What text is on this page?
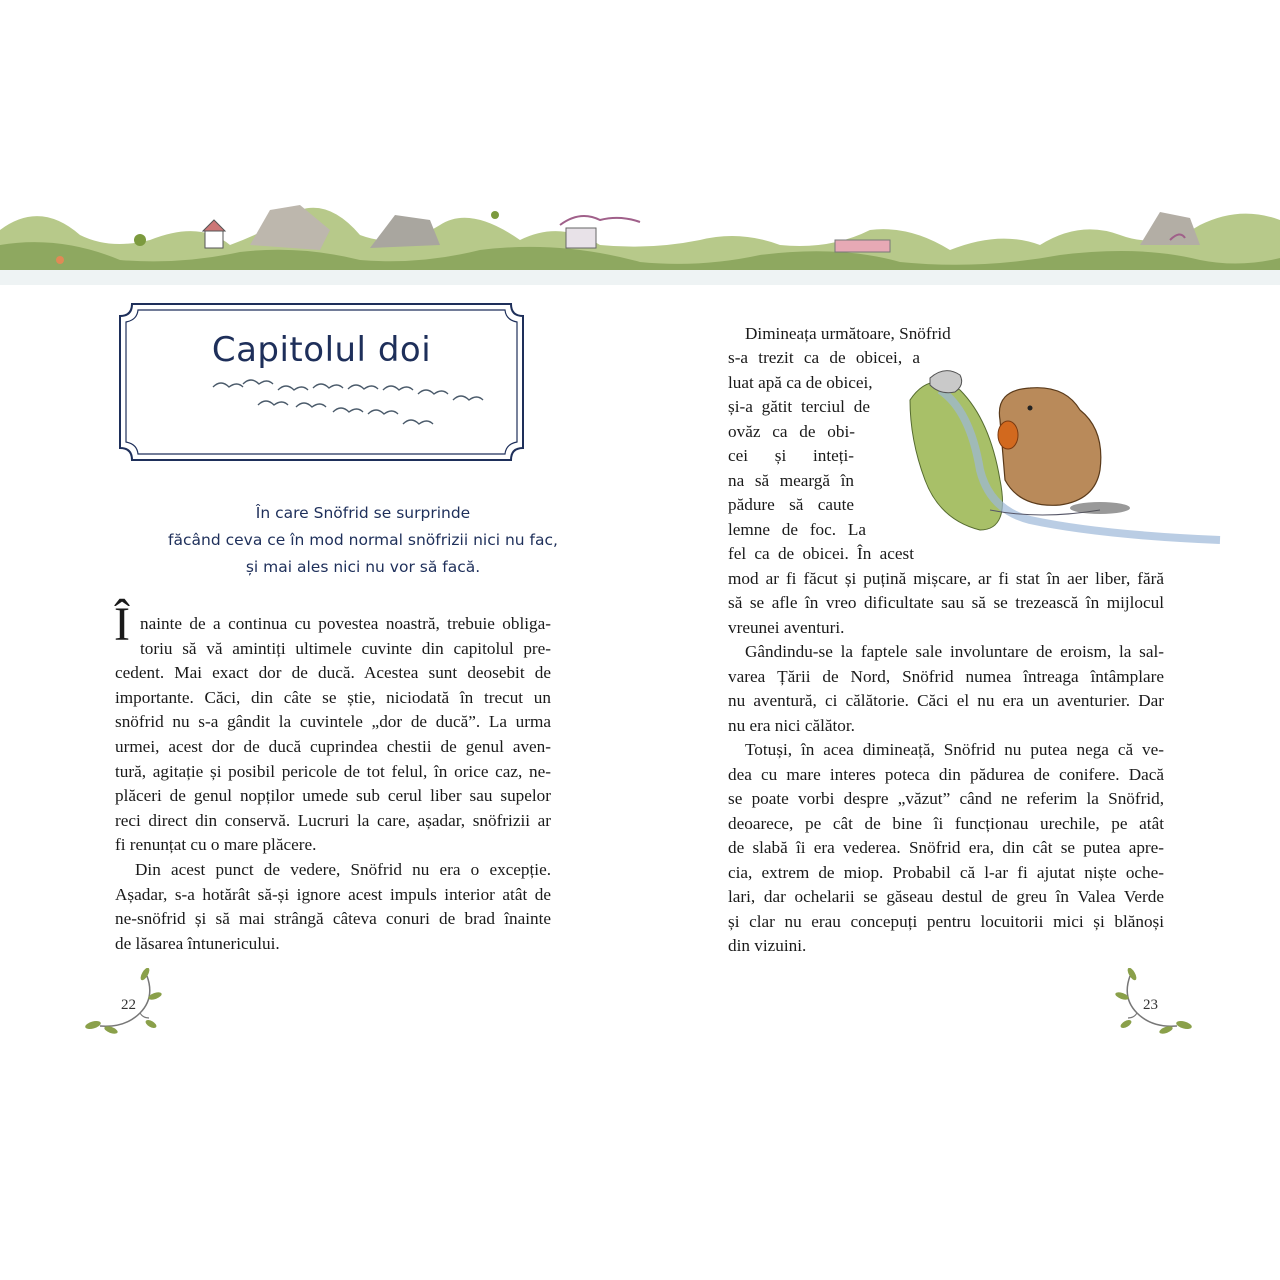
Capitolul doi
În care Snöfrid se surprinde
făcând ceva ce în mod normal snöfrizii nici nu fac,
și mai ales nici nu vor să facă.
Î nainte de a continua cu povestea noastră, trebuie obliga-
toriu să vă amintiți ultimele cuvinte din capitolul pre-
cedent. Mai exact dor de ducă. Acestea sunt deosebit de
importante. Căci, din câte se știe, niciodată în trecut un
snöfrid nu s-a gândit la cuvintele „dor de ducă”. La urma
urmei, acest dor de ducă cuprindea chestii de genul aven-
tură, agitație și posibil pericole de tot felul, în orice caz, ne-
plăceri de genul nopților umede sub cerul liber sau supelor
reci direct din conservă. Lucruri la care, așadar, snöfrizii ar
fi renunțat cu o mare plăcere.
Din acest punct de vedere, Snöfrid nu era o excepție.
Așadar, s-a hotărât să-și ignore acest impuls interior atât de
ne-snöfrid și să mai strângă câteva conuri de brad înainte
de lăsarea întunericului.
22
Dimineața următoare, Snöfrid
s-a trezit ca de obicei, a
luat apă ca de obicei,
și-a gătit terciul de
ovăz ca de obi-
cei și inteți-
na să meargă în
pădure să caute
lemne de foc. La
fel ca de obicei. În acest
mod ar fi făcut și puțină mișcare, ar fi stat în aer liber, fără
să se afle în vreo dificultate sau să se trezească în mijlocul
vreunei aventuri.
Gândindu-se la faptele sale involuntare de eroism, la sal-
varea Țării de Nord, Snöfrid numea întreaga întâmplare
nu aventură, ci călătorie. Căci el nu era un aventurier. Dar
nu era nici călător.
Totuși, în acea dimineață, Snöfrid nu putea nega că ve-
dea cu mare interes poteca din pădurea de conifere. Dacă
se poate vorbi despre „văzut” când ne referim la Snöfrid,
deoarece, pe cât de bine îi funcționau urechile, pe atât
de slabă îi era vederea. Snöfrid era, din cât se putea apre-
cia, extrem de miop. Probabil că l-ar fi ajutat niște oche-
lari, dar ochelarii se găseau destul de greu în Valea Verde
și clar nu erau concepuți pentru locuitorii mici și blănoși
din vizuini.
23
